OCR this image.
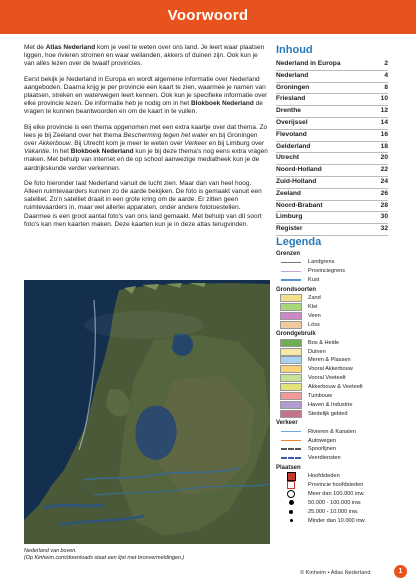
Voorwoord

Met de Atlas Nederland kom je veel te weten over ons land. Je leert waar plaatsen liggen, hoe rivieren stromen en waar weilanden, akkers of duinen zijn. Ook kun je van alles lezen over de twaalf provincies.

Eerst bekijk je Nederland in Europa en wordt algemene informatie over Nederland aangeboden. Daarna krijg je per provincie een kaart te zien, waarmee je namen van plaatsen, streken en waterwegen leert kennen. Ook kun je specifieke informatie over elke provincie lezen. De informatie heb je nodig om in het Blokboek Nederland de vragen te kunnen beantwoorden en om de kaart in te vullen.

Bij elke provincie is een thema opgenomen met een extra kaartje over dat thema. Zo lees je bij Zeeland over het thema Bescherming tegen het water en bij Groningen over Akkerbouw. Bij Utrecht kom je meer te weten over Verkeer en bij Limburg over Vakantie. In het Blokboek Nederland kun je bij deze thema's nog eens extra vragen maken. Met behulp van internet en de op school aanwezige mediatheek kun je de aardrijkskunde verder verkennen.

De foto hieronder laat Nederland vanuit de lucht zien. Maar dan van heel hoog. Alleen ruimtevaarders kunnen zo de aarde bekijken. De foto is gemaakt vanuit een satelliet. Zo'n satelliet draait in een grote kring om de aarde. Er zitten geen ruimtevaarders in, maar wel allerlei apparaten, onder andere fototoestellen. Daarmee is een groot aantal foto's van ons land gemaakt. Met behulp van dit soort foto's kan men kaarten maken. Deze kaarten kun je in deze atlas terugvinden.

Nederland van boven.
(Op Kinheim.com/downloads staat een lijst met bronvermeldingen.)
Inhoud
Nederland in Europa	2
Nederland	4
Groningen	8
Friesland	10
Drenthe	12
Overijssel	14
Flevoland	16
Gelderland	18
Utrecht	20
Noord-Holland	22
Zuid-Holland	24
Zeeland	26
Noord-Brabant	28
Limburg	30
Register	32
Legenda
Grenzen
Landgrens
Provinciegrens
Kust
Grondsoorten
Zand
Klei
Veen
Löss
Grondgebruik
Bos & Heide
Duinen
Meren & Plassen
Vooral Akkerbouw
Vooral Veeteelt
Akkerbouw & Veeteelt
Tuinbouw
Haven & Industrie
Stedelijk gebied
Verkeer
Rivieren & Kanalen
Autowegen
Spoorlijnen
Veerdiensten
Plaatsen
Hoofdsteden
Provincie hoofdsteden
Meer dan 100.000 inw.
50.000 - 100.000 inw.
25.000 - 10.000 inw.
Minder dan 10.000 inw.
© Kinheim • Atlas Nederland	1
